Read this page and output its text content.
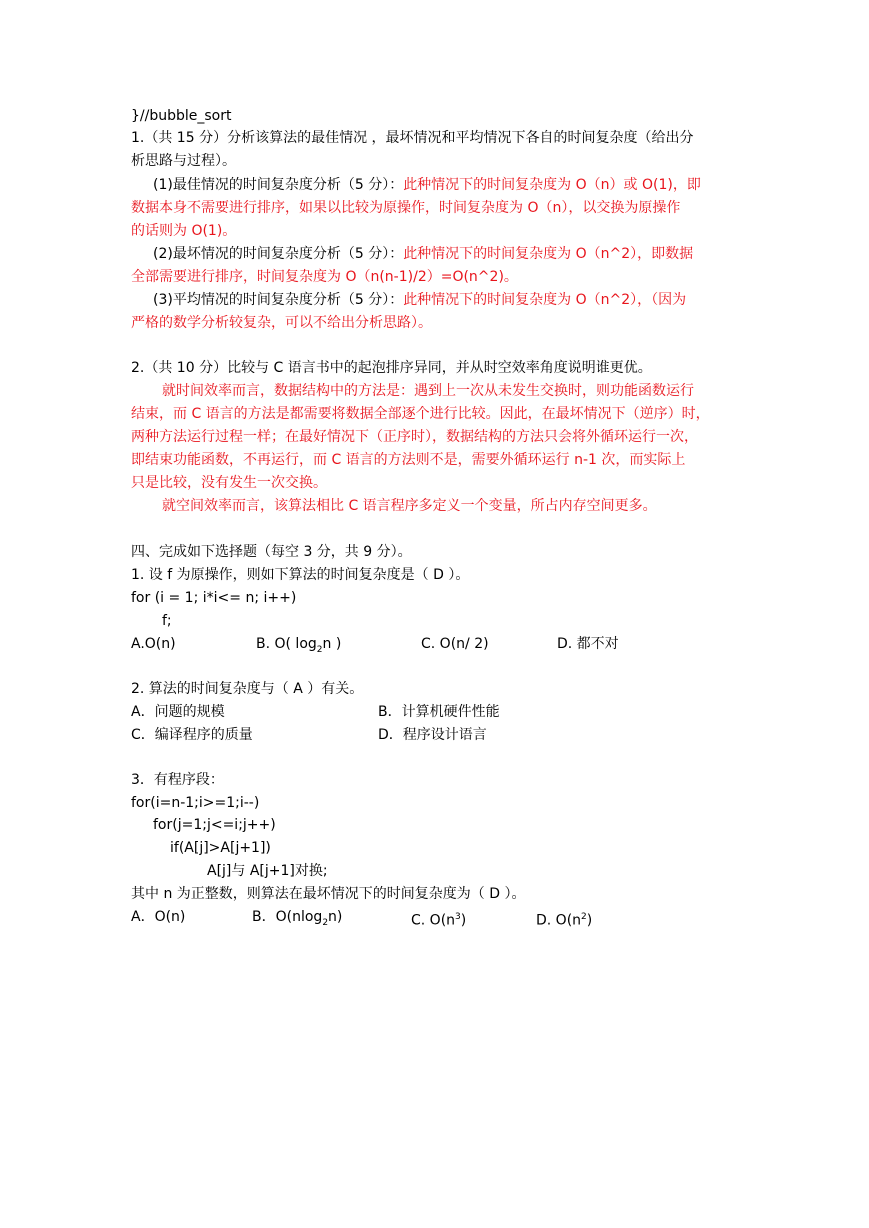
}//bubble_sort
1.（共 15 分）分析该算法的最佳情况 ，最坏情况和平均情况下各自的时间复杂度（给出分
析思路与过程）。
(1)最佳情况的时间复杂度分析（5 分）：此种情况下的时间复杂度为 O（n）或 O(1)，即
数据本身不需要进行排序，如果以比较为原操作，时间复杂度为 O（n），以交换为原操作
的话则为 O(1)。
(2)最坏情况的时间复杂度分析（5 分）：此种情况下的时间复杂度为 O（n^2），即数据
全部需要进行排序，时间复杂度为 O（n(n-1)/2）=O(n^2)。
(3)平均情况的时间复杂度分析（5 分）：此种情况下的时间复杂度为 O（n^2），（因为
严格的数学分析较复杂，可以不给出分析思路）。
2.（共 10 分）比较与 C 语言书中的起泡排序异同，并从时空效率角度说明谁更优。
就时间效率而言，数据结构中的方法是：遇到上一次从未发生交换时，则功能函数运行
结束，而 C 语言的方法是都需要将数据全部逐个进行比较。因此，在最坏情况下（逆序）时，
两种方法运行过程一样；在最好情况下（正序时），数据结构的方法只会将外循环运行一次，
即结束功能函数，不再运行，而 C 语言的方法则不是，需要外循环运行 n-1 次，而实际上
只是比较，没有发生一次交换。
就空间效率而言，该算法相比 C 语言程序多定义一个变量，所占内存空间更多。
四、完成如下选择题（每空 3 分，共 9 分）。
1. 设 f 为原操作，则如下算法的时间复杂度是（ D ）。
for (i = 1; i*i<= n; i++)
f;
A.O(n)	B. O( $\log_2n$ )	C. O(n/ 2)	D. 都不对
2. 算法的时间复杂度与（ A ）有关。
A．问题的规模	B．计算机硬件性能
C．编译程序的质量	D．程序设计语言
3．有程序段：
for(i=n-1;i>=1;i--)
for(j=1;j<=i;j++)
if(A[j]>A[j+1])
A[j]与 A[j+1]对换;
其中 n 为正整数，则算法在最坏情况下的时间复杂度为（ D ）。
A．O(n)	B．O(nlog$_2$n)	C. $O(n^3)$	D. $O(n^2)$
